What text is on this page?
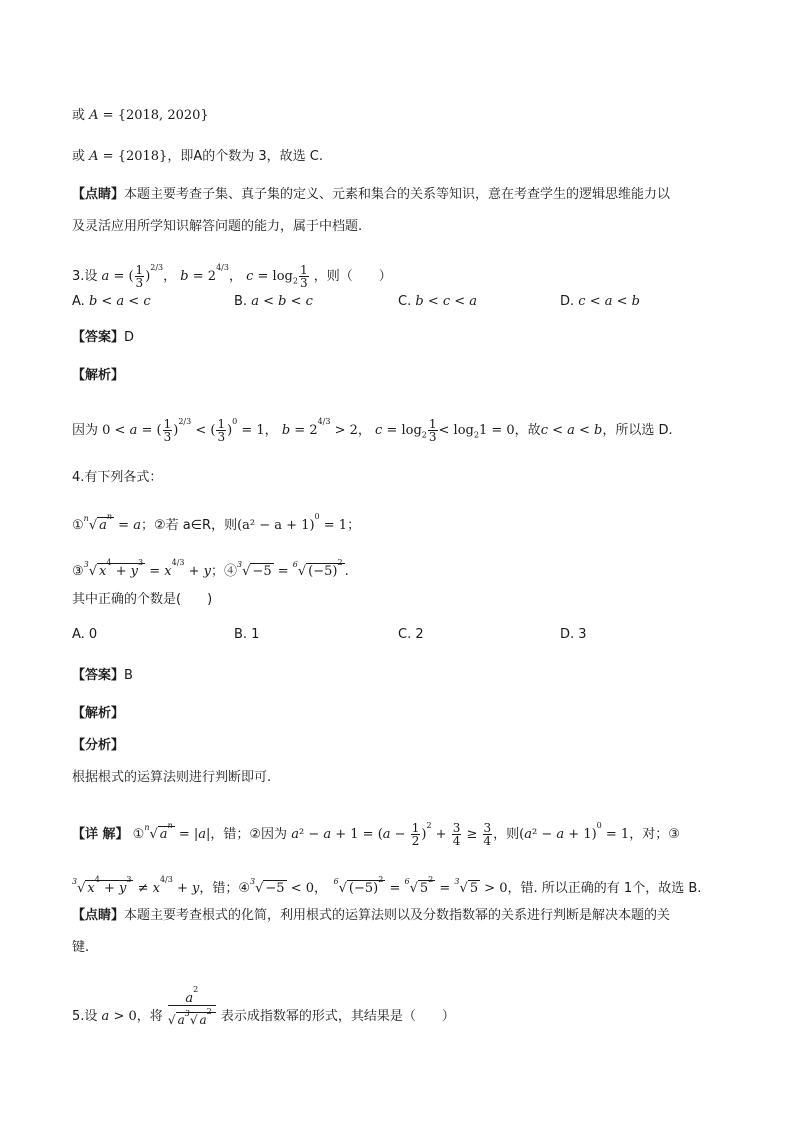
或 A = {2018, 2020}
或 A = {2018}，即A的个数为 3，故选 C.
【点睛】本题主要考查子集、真子集的定义、元素和集合的关系等知识，意在考查学生的逻辑思维能力以
及灵活应用所学知识解答问题的能力，属于中档题.
3.设 a = ( $\frac{1}{3} )^{2/3}$， $b = 2^{4/3}$， $c = \log_2 \frac{1}{3}$ ，则（　　）
A. b < a < c	B. a < b < c	C. b < c < a	D. c < a < b
【答案】D
【解析】
因为 0 < a = ( $\frac{1}{3} )^{2/3}$ < ( $\frac{1}{3} )^0 = 1$， $b = 2^{4/3} > 2$， $c = \log_2 \frac{1}{3} < \log_21 = 0$，故c < a < b，所以选 D.
4.有下列各式：
①$^n$√ $a^n = a$；②若 a∈R，则$(a^2 - a + 1)^0 = 1$；
③$^3$√ $x^4 + y^3 = x^{4/3} + y$；④$^3$√ −5 = $^6$√ $(-5)^2$.
其中正确的个数是(　　)
A. 0	B. 1	C. 2	D. 3
【答案】B
【解析】
【分析】
根据根式的运算法则进行判断即可.
【详 解】 ①$^n$√ $a^n = |a|$，错；②因为 $a^2 - a + 1 = (a - \frac{1}{2} )^2 + \frac{3}{4} \ge \frac{3}{4}$ ，则$(a^2 - a + 1)^0 = 1$，对；③
$^3$√ $x^4 + y^3 \ne x^{4/3} + y$，错；④$^3$√ −5 < 0，　$^6$√ $(-5)^2 = ^6√$ $5^2 = ^3√$ 5 > 0，错. 所以正确的有 1个，故选 B.
【点睛】本题主要考查根式的化简，利用根式的运算法则以及分数指数幂的关系进行判断是解决本题的关
键.
5.设 a > 0，将 $\frac{a^2}{√ a^3√ a^2}$ 表示成指数幂的形式，其结果是（　　）
